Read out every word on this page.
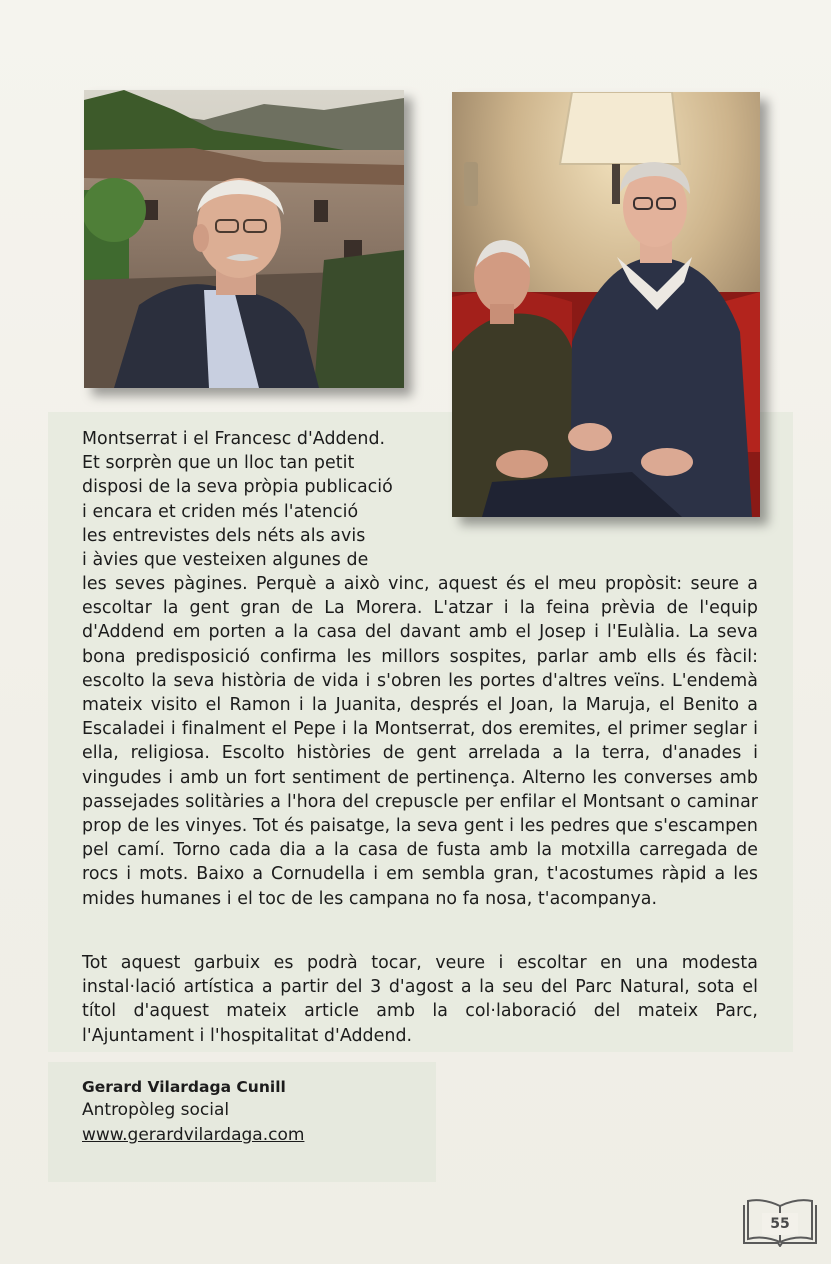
Montserrat i el Francesc d'Addend.
Et sorprèn que un lloc tan petit
disposi de la seva pròpia publicació
i encara et criden més l'atenció
les entrevistes dels néts als avis
i àvies que vesteixen algunes de

les seves pàgines. Perquè a això vinc, aquest és el meu propòsit: seure a escoltar la gent gran de La Morera. L'atzar i la feina prèvia de l'equip d'Addend em porten a la casa del davant amb el Josep i l'Eulàlia. La seva bona predisposició confirma les millors sospites, parlar amb ells és fàcil: escolto la seva història de vida i s'obren les portes d'altres veïns. L'endemà mateix visito el Ramon i la Juanita, després el Joan, la Maruja, el Benito a Escaladei i finalment el Pepe i la Montserrat, dos eremites, el primer seglar i ella, religiosa. Escolto històries de gent arrelada a la terra, d'anades i vingudes i amb un fort sentiment de pertinença. Alterno les converses amb passejades solitàries a l'hora del crepuscle per enfilar el Montsant o caminar prop de les vinyes. Tot és paisatge, la seva gent i les pedres que s'escampen pel camí. Torno cada dia a la casa de fusta amb la motxilla carregada de rocs i mots. Baixo a Cornudella i em sembla gran, t'acostumes ràpid a les mides humanes i el toc de les campana no fa nosa, t'acompanya.

Tot aquest garbuix es podrà tocar, veure i escoltar en una modesta instal·lació artística a partir del 3 d'agost a la seu del Parc Natural, sota el títol d'aquest mateix article amb la col·laboració del mateix Parc, l'Ajuntament i l'hospitalitat d'Addend.

Gerard Vilardaga Cunill
Antropòleg social
www.gerardvilardaga.com
55
